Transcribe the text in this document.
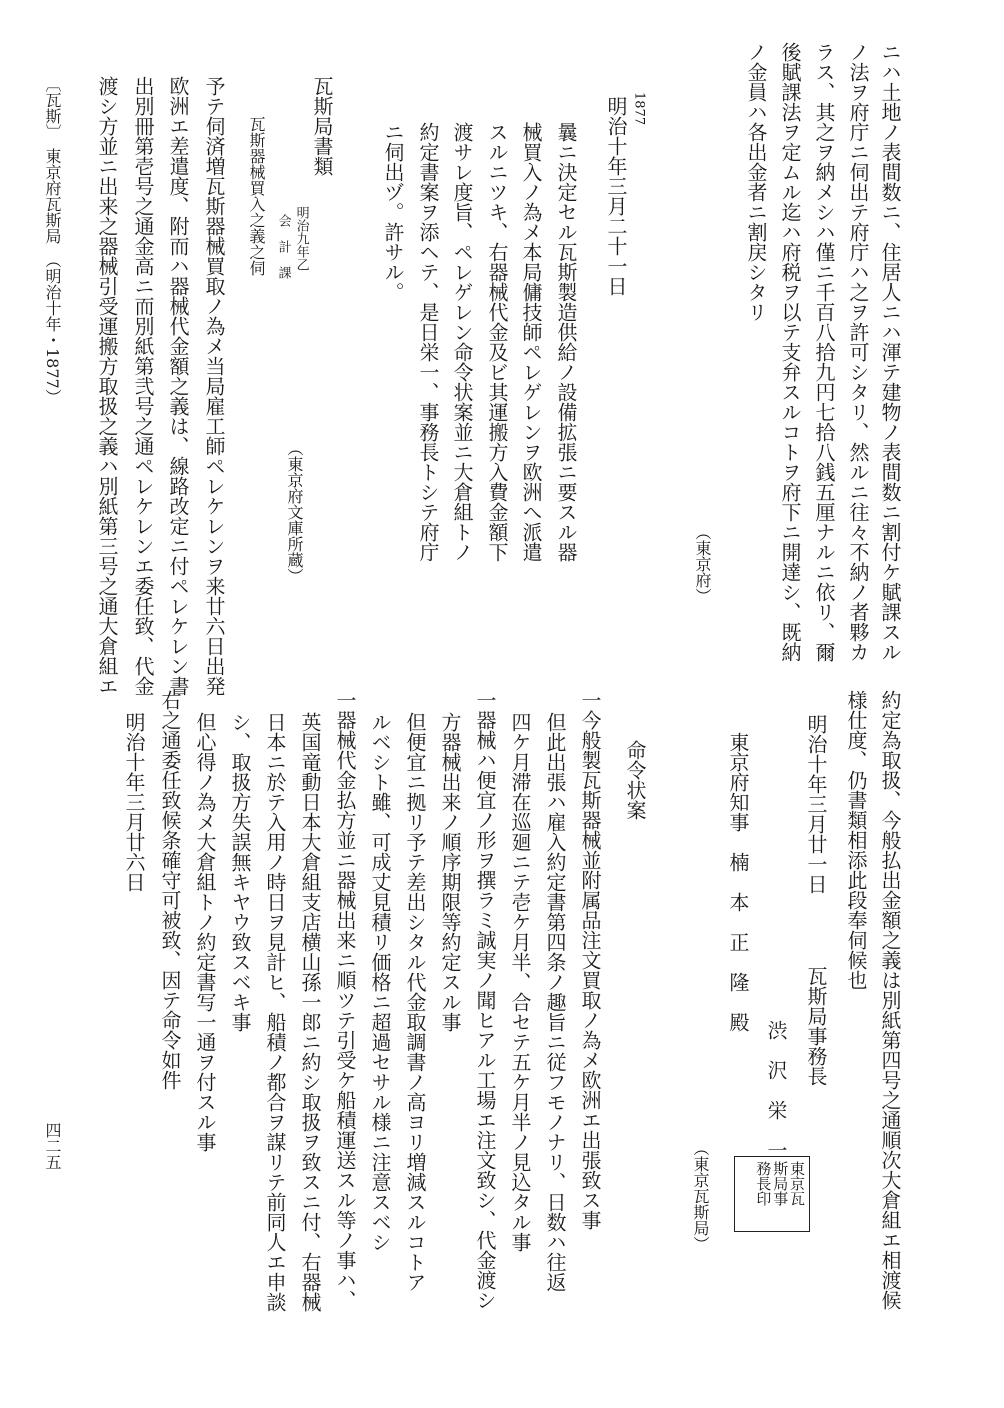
ニハ土地ノ表間数ニ、住居人ニハ渾テ建物ノ表間数ニ割付ケ賦課スル
ノ法ヲ府庁ニ伺出テ府庁ハ之ヲ許可シタリ、然ルニ往々不納ノ者夥カ
ラス、其之ヲ納メシハ僅ニ千百八拾九円七拾八銭五厘ナルニ依リ、爾
後賦課法ヲ定ムル迄ハ府税ヲ以テ支弁スルコトヲ府下ニ開達シ、既納
ノ金員ハ各出金者ニ割戻シタリ
（東京府）
1877
明治十年三月二十一日
曩ニ決定セル瓦斯製造供給ノ設備拡張ニ要スル器
械買入ノ為メ本局傭技師ペレゲレンヲ欧洲へ派遣
スルニツキ、右器械代金及ビ其運搬方入費金額下
渡サレ度旨、ペレゲレン命令状案並ニ大倉組トノ
約定書案ヲ添ヘテ、是日栄一、事務長トシテ府庁
ニ伺出ヅ。許サル。
瓦斯局書類
（東京府文庫所蔵）
明治九年乙
会　計　課
瓦斯器械買入之義之伺
予テ伺済増瓦斯器械買取ノ為メ当局雇工師ペレケレンヲ来廿六日出発
欧洲エ差遣度、附而ハ器械代金額之義は、線路改定ニ付ペレケレン書
出別冊第壱号之通金高ニ而別紙第弐号之通ペレケレンエ委任致、代金
渡シ方並ニ出来之器械引受運搬方取扱之義ハ別紙第三号之通大倉組エ
約定為取扱、今般払出金額之義は別紙第四号之通順次大倉組エ相渡候
様仕度、仍書類相添此段奉伺候也
明治十年三月廿一日
瓦斯局事務長
渋　沢　栄　一
東京瓦
斯局事
務長印
（東京瓦斯局）
東京府知事　楠　本　正　隆　殿
命令状案
一今般製瓦斯器械並附属品注文買取ノ為メ欧洲エ出張致ス事
但此出張ハ雇入約定書第四条ノ趣旨ニ従フモノナリ、日数ハ往返
四ケ月滞在巡廻ニテ壱ケ月半、合セテ五ケ月半ノ見込タル事
一器械ハ便宜ノ形ヲ撰ラミ誠実ノ聞ヒアル工場エ注文致シ、代金渡シ
方器械出来ノ順序期限等約定スル事
但便宜ニ拠リ予テ差出シタル代金取調書ノ高ヨリ増減スルコトア
ルベシト雖、可成丈見積リ価格ニ超過セサル様ニ注意スベシ
一器械代金払方並ニ器械出来ニ順ツテ引受ケ船積運送スル等ノ事ハ、
英国竜動日本大倉組支店横山孫一郎ニ約シ取扱ヲ致スニ付、右器械
日本ニ於テ入用ノ時日ヲ見計ヒ、船積ノ都合ヲ謀リテ前同人エ申談
シ、取扱方失誤無キヤウ致スベキ事
但心得ノ為メ大倉組トノ約定書写一通ヲ付スル事
右之通委任致候条確守可被致、因テ命令如件
明治十年三月廿六日
〔瓦斯〕　東京府瓦斯局　（明治十年・1877）
四二五
